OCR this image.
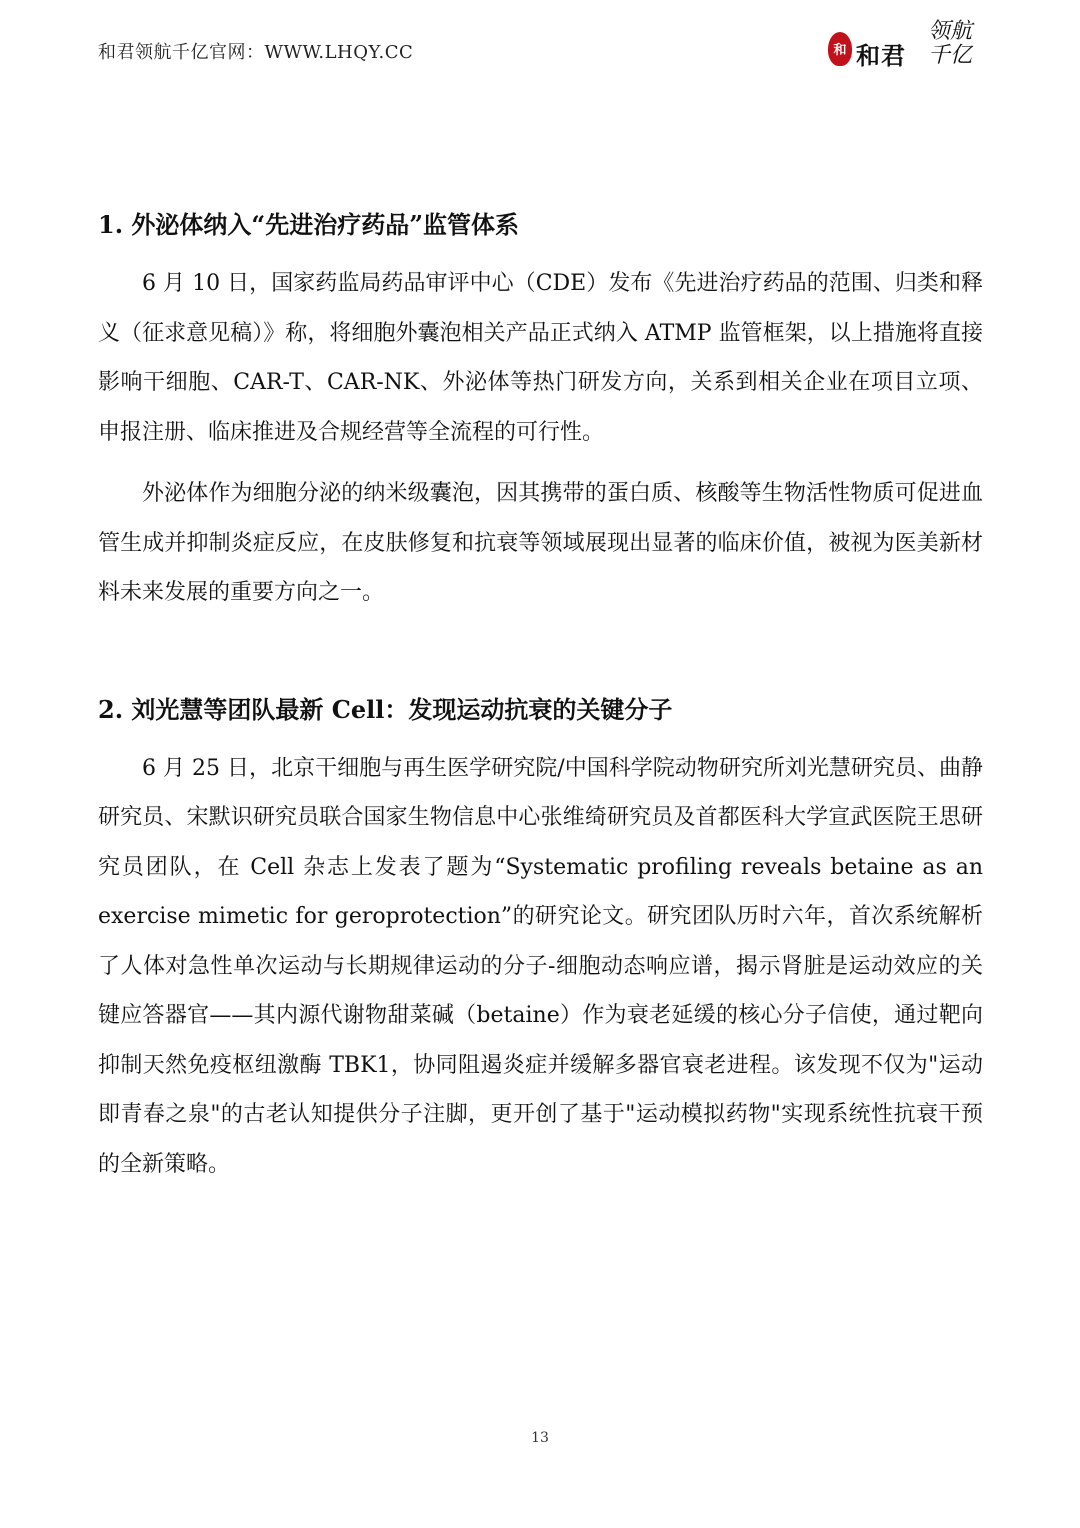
和君领航千亿官网：WWW.LHQY.CC	和 和君
领航千亿
1. 外泌体纳入“先进治疗药品”监管体系

6 月 10 日，国家药监局药品审评中心（CDE）发布《先进治疗药品的范围、归类和释义（征求意见稿）》称，将细胞外囊泡相关产品正式纳入 ATMP 监管框架，以上措施将直接影响干细胞、CAR-T、CAR-NK、外泌体等热门研发方向，关系到相关企业在项目立项、申报注册、临床推进及合规经营等全流程的可行性。

外泌体作为细胞分泌的纳米级囊泡，因其携带的蛋白质、核酸等生物活性物质可促进血管生成并抑制炎症反应，在皮肤修复和抗衰等领域展现出显著的临床价值，被视为医美新材料未来发展的重要方向之一。

2. 刘光慧等团队最新 Cell：发现运动抗衰的关键分子

6 月 25 日，北京干细胞与再生医学研究院/中国科学院动物研究所刘光慧研究员、曲静研究员、宋默识研究员联合国家生物信息中心张维绮研究员及首都医科大学宣武医院王思研究员团队，在 Cell 杂志上发表了题为“Systematic profiling reveals betaine as an exercise mimetic for geroprotection”的研究论文。研究团队历时六年，首次系统解析了人体对急性单次运动与长期规律运动的分子-细胞动态响应谱，揭示肾脏是运动效应的关键应答器官——其内源代谢物甜菜碱（betaine）作为衰老延缓的核心分子信使，通过靶向抑制天然免疫枢纽激酶 TBK1，协同阻遏炎症并缓解多器官衰老进程。该发现不仅为"运动即青春之泉"的古老认知提供分子注脚，更开创了基于"运动模拟药物"实现系统性抗衰干预的全新策略。

13
